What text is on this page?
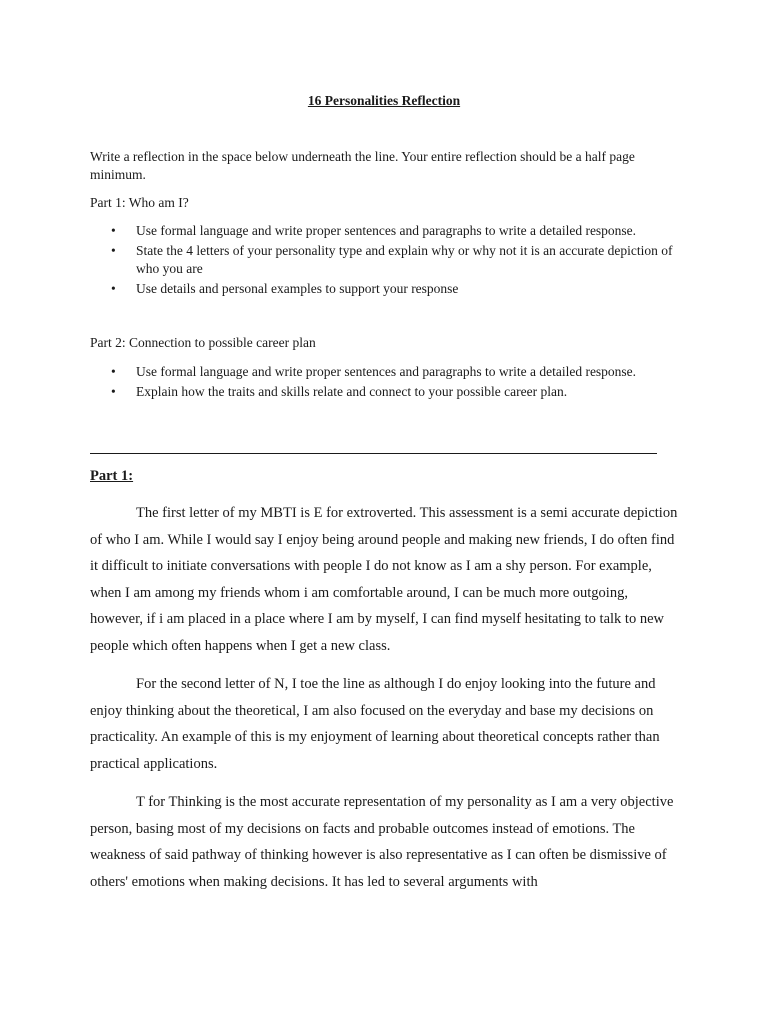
16 Personalities Reflection

Write a reflection in the space below underneath the line. Your entire reflection should be a half page minimum.

Part 1: Who am I?

• Use formal language and write proper sentences and paragraphs to write a detailed response.
• State the 4 letters of your personality type and explain why or why not it is an accurate depiction of who you are
• Use details and personal examples to support your response

Part 2: Connection to possible career plan

• Use formal language and write proper sentences and paragraphs to write a detailed response.
• Explain how the traits and skills relate and connect to your possible career plan.
Part 1:

The first letter of my MBTI is E for extroverted. This assessment is a semi accurate depiction of who I am. While I would say I enjoy being around people and making new friends, I do often find it difficult to initiate conversations with people I do not know as I am a shy person. For example, when I am among my friends whom i am comfortable around, I can be much more outgoing, however, if i am placed in a place where I am by myself, I can find myself hesitating to talk to new people which often happens when I get a new class.

For the second letter of N, I toe the line as although I do enjoy looking into the future and enjoy thinking about the theoretical, I am also focused on the everyday and base my decisions on practicality. An example of this is my enjoyment of learning about theoretical concepts rather than practical applications.

T for Thinking is the most accurate representation of my personality as I am a very objective person, basing most of my decisions on facts and probable outcomes instead of emotions. The weakness of said pathway of thinking however is also representative as I can often be dismissive of others' emotions when making decisions. It has led to several arguments with
